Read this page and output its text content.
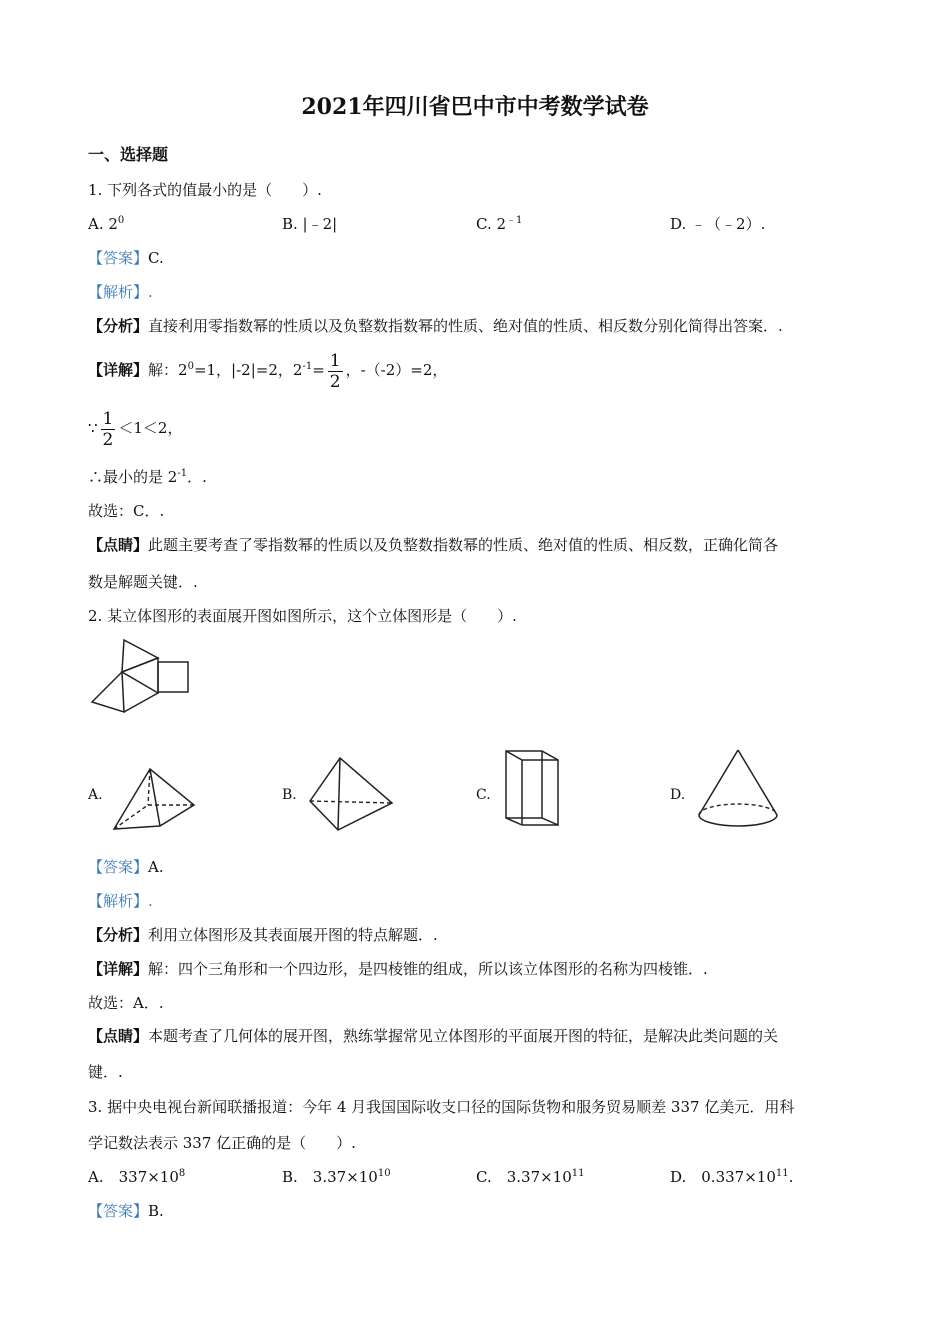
2021年四川省巴中市中考数学试卷
一、选择题
1. 下列各式的值最小的是（　　）.
A. $2^0$	B. |﹣2|	C. $2^{﹣1}$	D. ﹣（﹣2）.
【答案】C.
【解析】.
【分析】直接利用零指数幂的性质以及负整数指数幂的性质、绝对值的性质、相反数分别化简得出答案．.
【详解】解：$2^0=1$，|-2|=2，$2^{-1}= \frac{1}{2}$ ，-（-2）=2，
∵ $\frac{1}{2} <1<2$，
∴最小的是 $2^{-1}$．.
故选：C．.
【点睛】此题主要考查了零指数幂的性质以及负整数指数幂的性质、绝对值的性质、相反数，正确化简各
数是解题关键．.
2. 某立体图形的表面展开图如图所示，这个立体图形是（　　）.
A.	B.	C.	D.
【答案】A.
【解析】.
【分析】利用立体图形及其表面展开图的特点解题．.
【详解】解：四个三角形和一个四边形，是四棱锥的组成，所以该立体图形的名称为四棱锥．.
故选：A．.
【点睛】本题考查了几何体的展开图，熟练掌握常见立体图形的平面展开图的特征，是解决此类问题的关
键．.
3. 据中央电视台新闻联播报道：今年 4 月我国国际收支口径的国际货物和服务贸易顺差 337 亿美元．用科
学记数法表示 337 亿正确的是（　　）.
A.　$337\times 10^8$	B.　$3.37\times 10^{10}$	C.　$3.37\times 10^{11}$	D.　$0.337\times 10^{11}$.
【答案】B.
